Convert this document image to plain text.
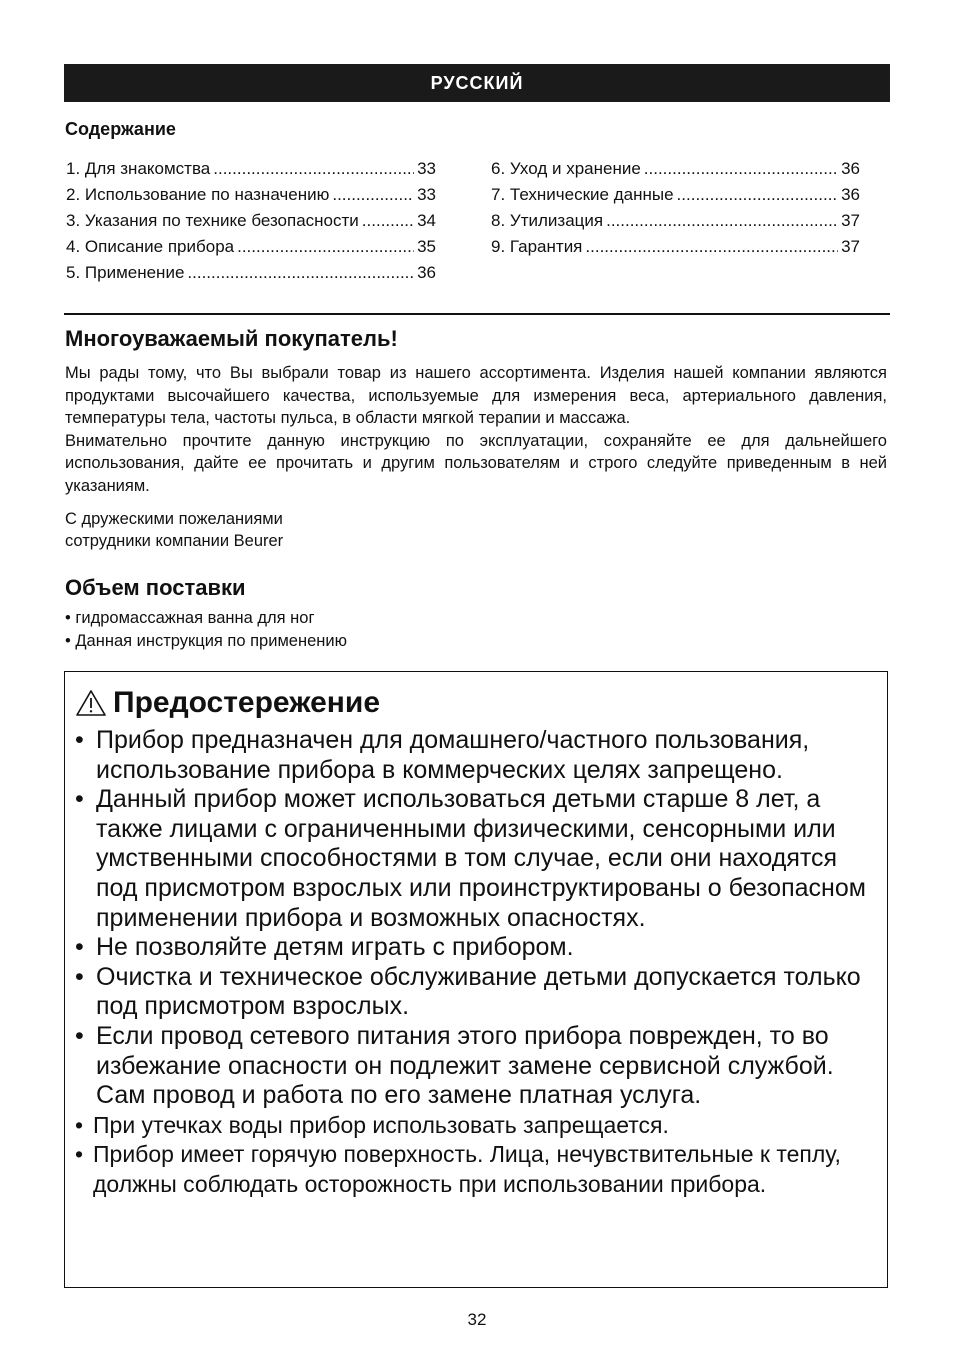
РУССКИЙ
Содержание
1. Для знакомства .....	33
2. Использование по назначению .....	33
3. Указания по технике безопасности .....	34
4. Описание прибора .....	35
5. Применение .....	36
6. Уход и хранение .....	36
7. Технические данные .....	36
8. Утилизация .....	37
9. Гарантия .....	37
Многоуважаемый покупатель!

Мы рады тому, что Вы выбрали товар из нашего ассортимента. Изделия нашей компании являются продуктами высочайшего качества, используемые для измерения веса, артериального давления, температуры тела, частоты пульса, в области мягкой терапии и массажа.

Внимательно прочтите данную инструкцию по эксплуатации, сохраняйте ее для дальнейшего использования, дайте ее прочитать и другим пользователям и строго следуйте приведенным в ней указаниям.

С дружескими пожеланиями

сотрудники компании Beurer

Объем поставки
• гидромассажная ванна для ног
• Данная инструкция по применению
Предостережение
• Прибор предназначен для домашнего/частного пользования, использование прибора в коммерческих целях запрещено.
• Данный прибор может использоваться детьми старше 8 лет, а также лицами с ограниченными физическими, сенсорными или умственными способностями в том случае, если они находятся под присмотром взрослых или проинструктированы о безопасном применении прибора и возможных опасностях.
• Не позволяйте детям играть с прибором.
• Очистка и техническое обслуживание детьми допускается только под присмотром взрослых.
• Если провод сетевого питания этого прибора поврежден, то во избежание опасности он подлежит замене сервисной службой. Сам провод и работа по его замене платная услуга.
• При утечках воды прибор использовать запрещается.
• Прибор имеет горячую поверхность. Лица, нечувствительные к теплу, должны соблюдать осторожность при использовании прибора.
32
